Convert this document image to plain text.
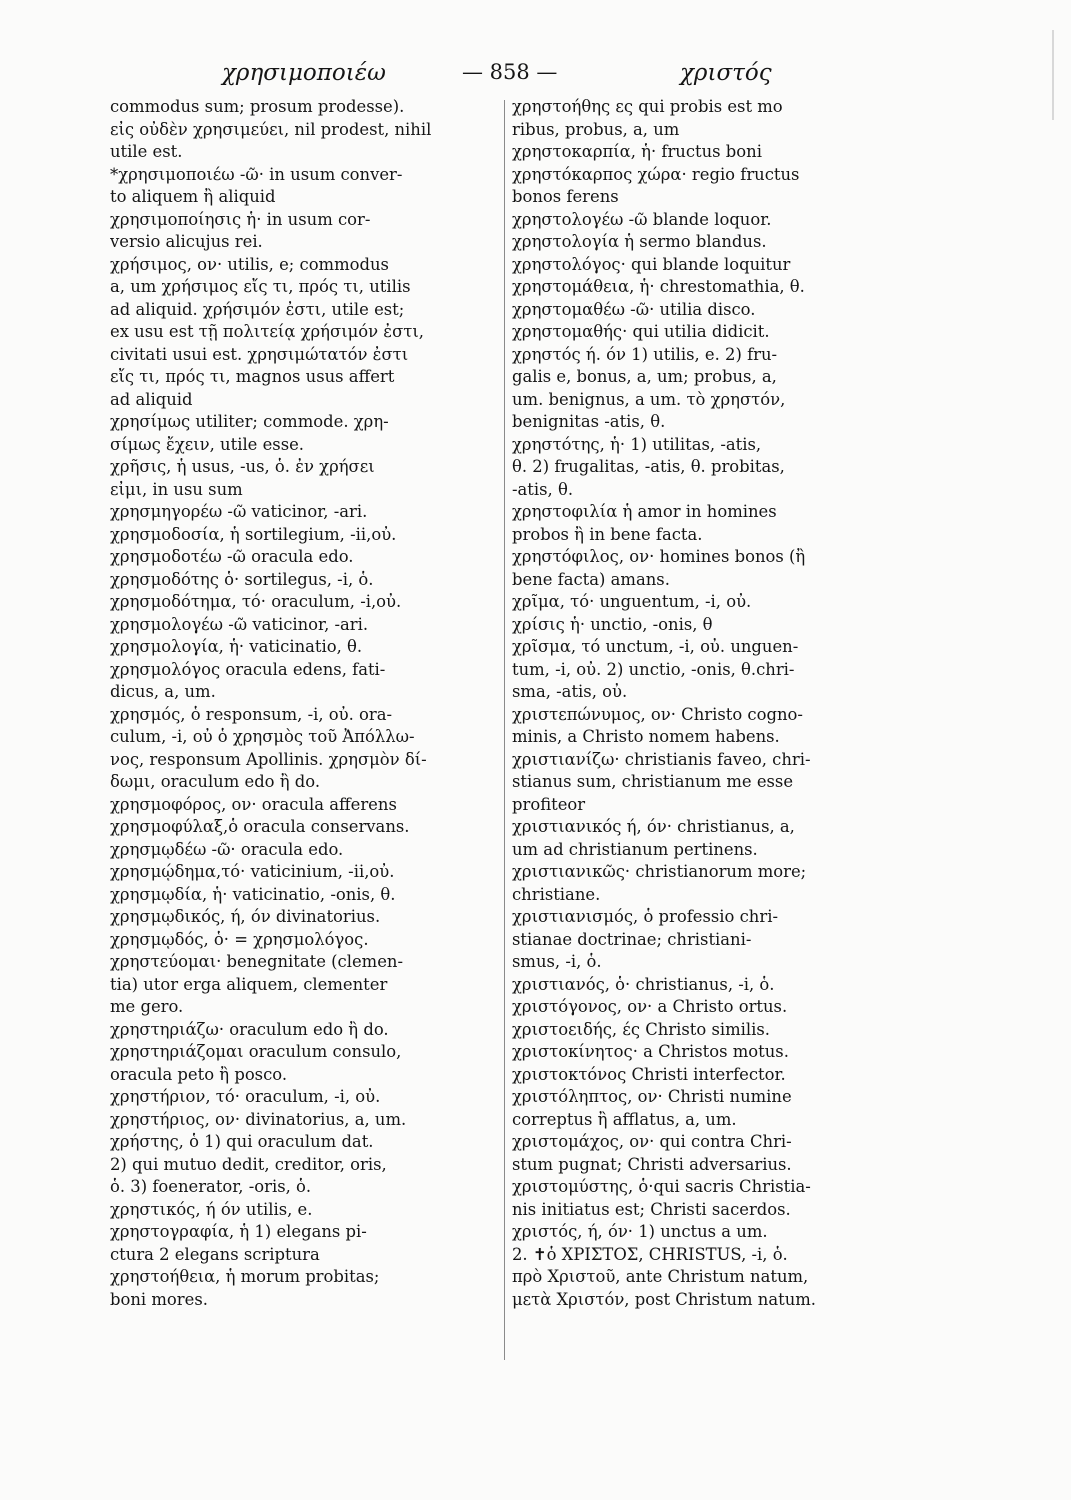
χρησιμοποιέω	— 858 —	χριστός
commodus sum; prosum prodesse).
εἰς οὐδὲν χρησιμεύει, nil prodest, nihil
utile est.
*χρησιμοποιέω -ῶ· in usum conver-
to aliquem ἢ aliquid
χρησιμοποίησις ἡ· in usum cor-
versio alicujus rei.
χρήσιμος, ον· utilis, e; commodus
a, um χρήσιμος εἴς τι, πρός τι, utilis
ad aliquid. χρήσιμόν ἐστι, utile est;
ex usu est τῇ πολιτείᾳ χρήσιμόν ἐστι,
civitati usui est. χρησιμώτατόν ἐστι
εἴς τι, πρός τι, magnos usus affert
ad aliquid
χρησίμως utiliter; commode. χρη-
σίμως ἔχειν, utile esse.
χρῆσις, ἡ usus, -us, ὁ. ἐν χρήσει
εἰμι, in usu sum
χρησμηγορέω -ῶ vaticinor, -ari.
χρησμοδοσία, ἡ sortilegium, -ii,οὐ.
χρησμοδοτέω -ῶ oracula edo.
χρησμοδότης ὁ· sortilegus, -i, ὁ.
χρησμοδότημα, τό· oraculum, -i,οὐ.
χρησμολογέω -ῶ vaticinor, -ari.
χρησμολογία, ἡ· vaticinatio, θ.
χρησμολόγος oracula edens, fati-
dicus, a, um.
χρησμός, ὁ responsum, -i, οὐ. ora-
culum, -i, οὐ ὁ χρησμὸς τοῦ Ἀπόλλω-
νος, responsum Apollinis. χρησμὸν δί-
δωμι, oraculum edo ἢ do.
χρησμοφόρος, ον· oracula afferens
χρησμοφύλαξ,ὁ oracula conservans.
χρησμῳδέω -ῶ· oracula edo.
χρησμῴδημα,τό· vaticinium, -ii,οὐ.
χρησμῳδία, ἡ· vaticinatio, -onis, θ.
χρησμῳδικός, ή, όν divinatorius.
χρησμῳδός, ὁ· = χρησμολόγος.
χρηστεύομαι· benegnitate (clemen-
tia) utor erga aliquem, clementer
me gero.
χρηστηριάζω· oraculum edo ἢ do.
χρηστηριάζομαι oraculum consulo,
oracula peto ἢ posco.
χρηστήριον, τό· oraculum, -i, οὐ.
χρηστήριος, ον· divinatorius, a, um.
χρήστης, ὁ 1) qui oraculum dat.
2) qui mutuo dedit, creditor, oris,
ὁ. 3) foenerator, -oris, ὁ.
χρηστικός, ή όν utilis, e.
χρηστογραφία, ἡ 1) elegans pi-
ctura 2 elegans scriptura
χρηστοήθεια, ἡ morum probitas;
boni mores.
χρηστοήθης ες qui probis est mo
ribus, probus, a, um
χρηστοκαρπία, ἡ· fructus boni
χρηστόκαρπος χώρα· regio fructus
bonos ferens
χρηστολογέω -ῶ blande loquor.
χρηστολογία ἡ sermo blandus.
χρηστολόγος· qui blande loquitur
χρηστομάθεια, ἡ· chrestomathia, θ.
χρηστομαθέω -ῶ· utilia disco.
χρηστομαθής· qui utilia didicit.
χρηστός ή. όν 1) utilis, e. 2) fru-
galis e, bonus, a, um; probus, a,
um. benignus, a um. τὸ χρηστόν,
benignitas -atis, θ.
χρηστότης, ἡ· 1) utilitas, -atis,
θ. 2) frugalitas, -atis, θ. probitas,
-atis, θ.
χρηστοφιλία ἡ amor in homines
probos ἢ in bene facta.
χρηστόφιλος, ον· homines bonos (ἢ
bene facta) amans.
χρῖμα, τό· unguentum, -i, οὐ.
χρίσις ἡ· unctio, -onis, θ
χρῖσμα, τό unctum, -i, οὐ. unguen-
tum, -i, οὐ. 2) unctio, -onis, θ.chri-
sma, -atis, οὐ.
χριστεπώνυμος, ον· Christo cogno-
minis, a Christo nomem habens.
χριστιανίζω· christianis faveo, chri-
stianus sum, christianum me esse
profiteor
χριστιανικός ή, όν· christianus, a,
um ad christianum pertinens.
χριστιανικῶς· christianorum more;
christiane.
χριστιανισμός, ὁ professio chri-
stianae doctrinae; christiani-
smus, -i, ὁ.
χριστιανός, ὁ· christianus, -i, ὁ.
χριστόγονος, ον· a Christo ortus.
χριστοειδής, ές Christo similis.
χριστοκίνητος· a Christos motus.
χριστοκτόνος Christi interfector.
χριστόληπτος, ον· Christi numine
correptus ἢ afflatus, a, um.
χριστομάχος, ον· qui contra Chri-
stum pugnat; Christi adversarius.
χριστομύστης, ὁ·qui sacris Christia-
nis initiatus est; Christi sacerdos.
χριστός, ή, όν· 1) unctus a um.
2. ✝ὁ ΧΡΙΣΤΟΣ, CHRISTUS, -i, ὁ.
πρὸ Χριστοῦ, ante Christum natum,
μετὰ Χριστόν, post Christum natum.
